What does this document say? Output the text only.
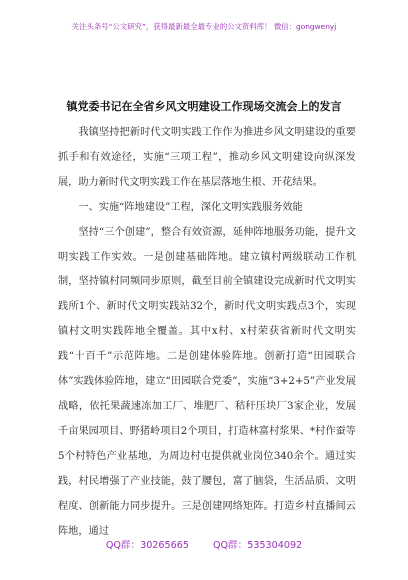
关注头条号“公文研究”，获得最新最全最专业的公文资料库！ 微信：gongwenyj
镇党委书记在全省乡风文明建设工作现场交流会上的发言

我镇坚持把新时代文明实践工作作为推进乡风文明建设的重要抓手和有效途径，实施“三项工程”，推动乡风文明建设向纵深发展，助力新时代文明实践工作在基层落地生根、开花结果。

一、实施“阵地建设”工程，深化文明实践服务效能

坚持“三个创建”，整合有效资源，延伸阵地服务功能，提升文明实践工作实效。一是创建基础阵地。建立镇村两级联动工作机制，坚持镇村同频同步原则，截至目前全镇建设完成新时代文明实践所1个、新时代文明实践站32个，新时代文明实践点3个，实现镇村文明实践阵地全覆盖。其中x村、x村荣获省新时代文明实践“十百千”示范阵地。二是创建体验阵地。创新打造“田园联合体”实践体验阵地，建立“田园联合党委”，实施“3+2+5”产业发展战略，依托果蔬速冻加工厂、堆肥厂、秸秆压块厂3家企业，发展千亩果园项目、野猪岭项目2个项目，打造林富村浆果、*村作蚕等5个村特色产业基地，为周边村屯提供就业岗位340余个。通过实践，村民增强了产业技能，鼓了腰包，富了脑袋，生活品质、文明程度、创新能力同步提升。三是创建网络矩阵。打造乡村直播间云阵地，通过

QQ群：30265665	QQ群：535304092
